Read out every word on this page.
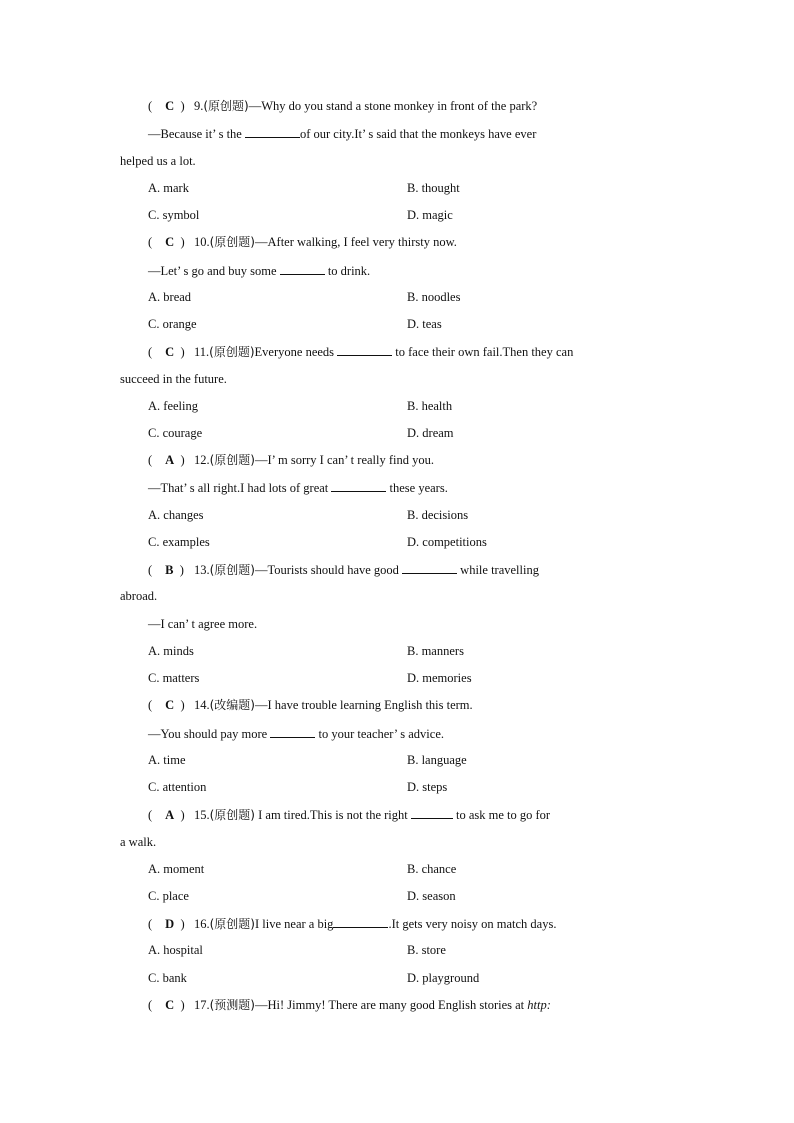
( C  ) 9.(原创题)—Why do you stand a stone monkey in front of the park?
—Because it’ s the	of our city.It’ s said that the monkeys have ever
helped us a lot.
A. mark	B. thought
C. symbol	D. magic
( C  ) 10.(原创题)—After walking, I feel very thirsty now.
—Let’ s go and buy some	to drink.
A. bread	B. noodles
C. orange	D. teas
( C  ) 11.(原创题)Everyone needs	to face their own fail.Then they can
succeed in the future.
A. feeling	B. health
C. courage	D. dream
( A  ) 12.(原创题)—I’ m sorry I can’ t really find you.
—That’ s all right.I had lots of great	these years.
A. changes	B. decisions
C. examples	D. competitions
( B  ) 13.(原创题)—Tourists should have good	while travelling
abroad.
—I can’ t agree more.
A. minds	B. manners
C. matters	D. memories
( C  ) 14.(改编题)—I have trouble learning English this term.
—You should pay more	to your teacher’ s advice.
A. time	B. language
C. attention	D. steps
( A  ) 15.(原创题) I am tired.This is not the right	to ask me to go for
a walk.
A. moment	B. chance
C. place	D. season
( D  ) 16.(原创题)I live near a big	.It gets very noisy on match days.
A. hospital	B. store
C. bank	D. playground
( C  ) 17.(预测题)—Hi! Jimmy! There are many good English stories at http:
